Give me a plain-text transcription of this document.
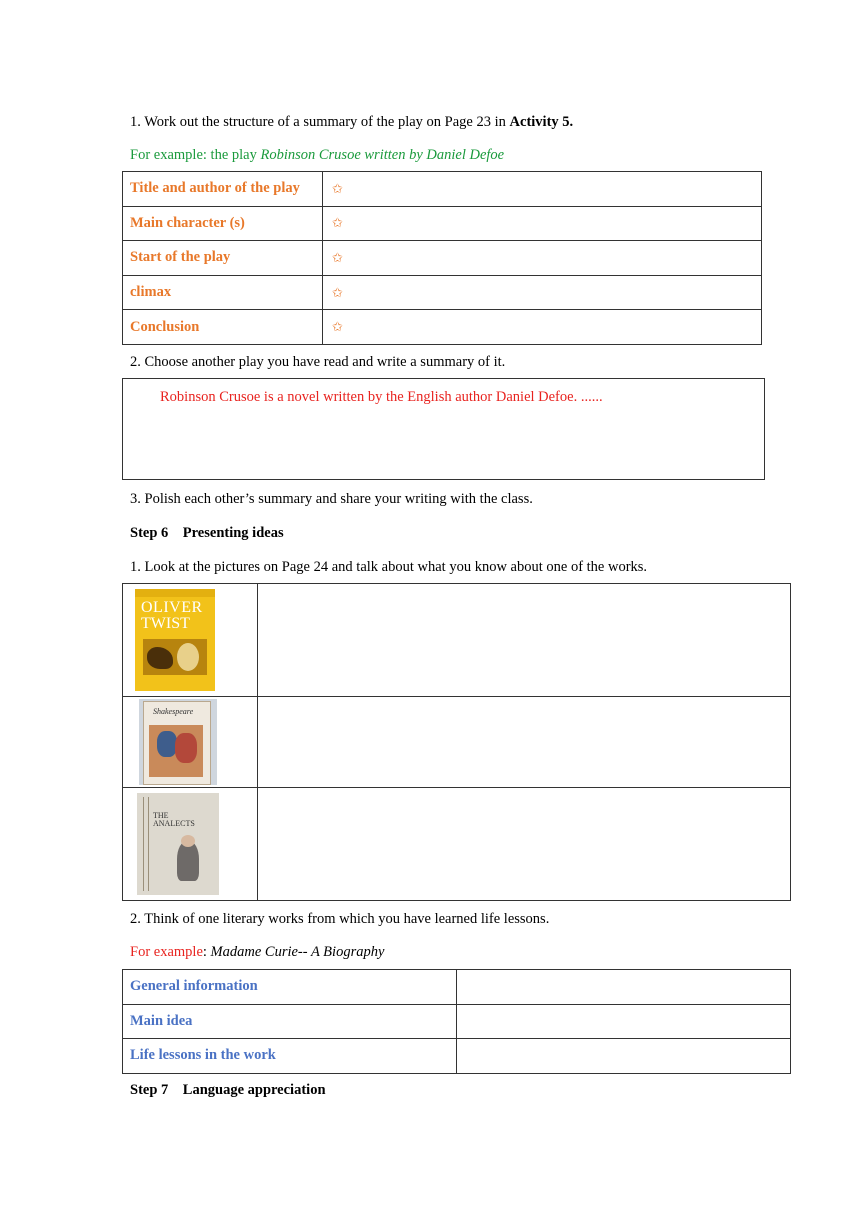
1. Work out the structure of a summary of the play on Page 23 in Activity 5.
For example: the play Robinson Crusoe written by Daniel Defoe
Title and author of the play	✩
Main character (s)	✩
Start of the play	✩
climax	✩
Conclusion	✩
2. Choose another play you have read and write a summary of it.
Robinson Crusoe is a novel written by the English author Daniel Defoe. ......
3. Polish each other’s summary and share your writing with the class.
Step 6    Presenting ideas
1. Look at the pictures on Page 24 and talk about what you know about one of the works.
OLIVER
TWIST	

Shakespeare	

THE
ANALECTS	

2. Think of one literary works from which you have learned life lessons.
For example: Madame Curie-- A Biography
General information	
Main idea	
Life lessons in the work	
Step 7    Language appreciation
